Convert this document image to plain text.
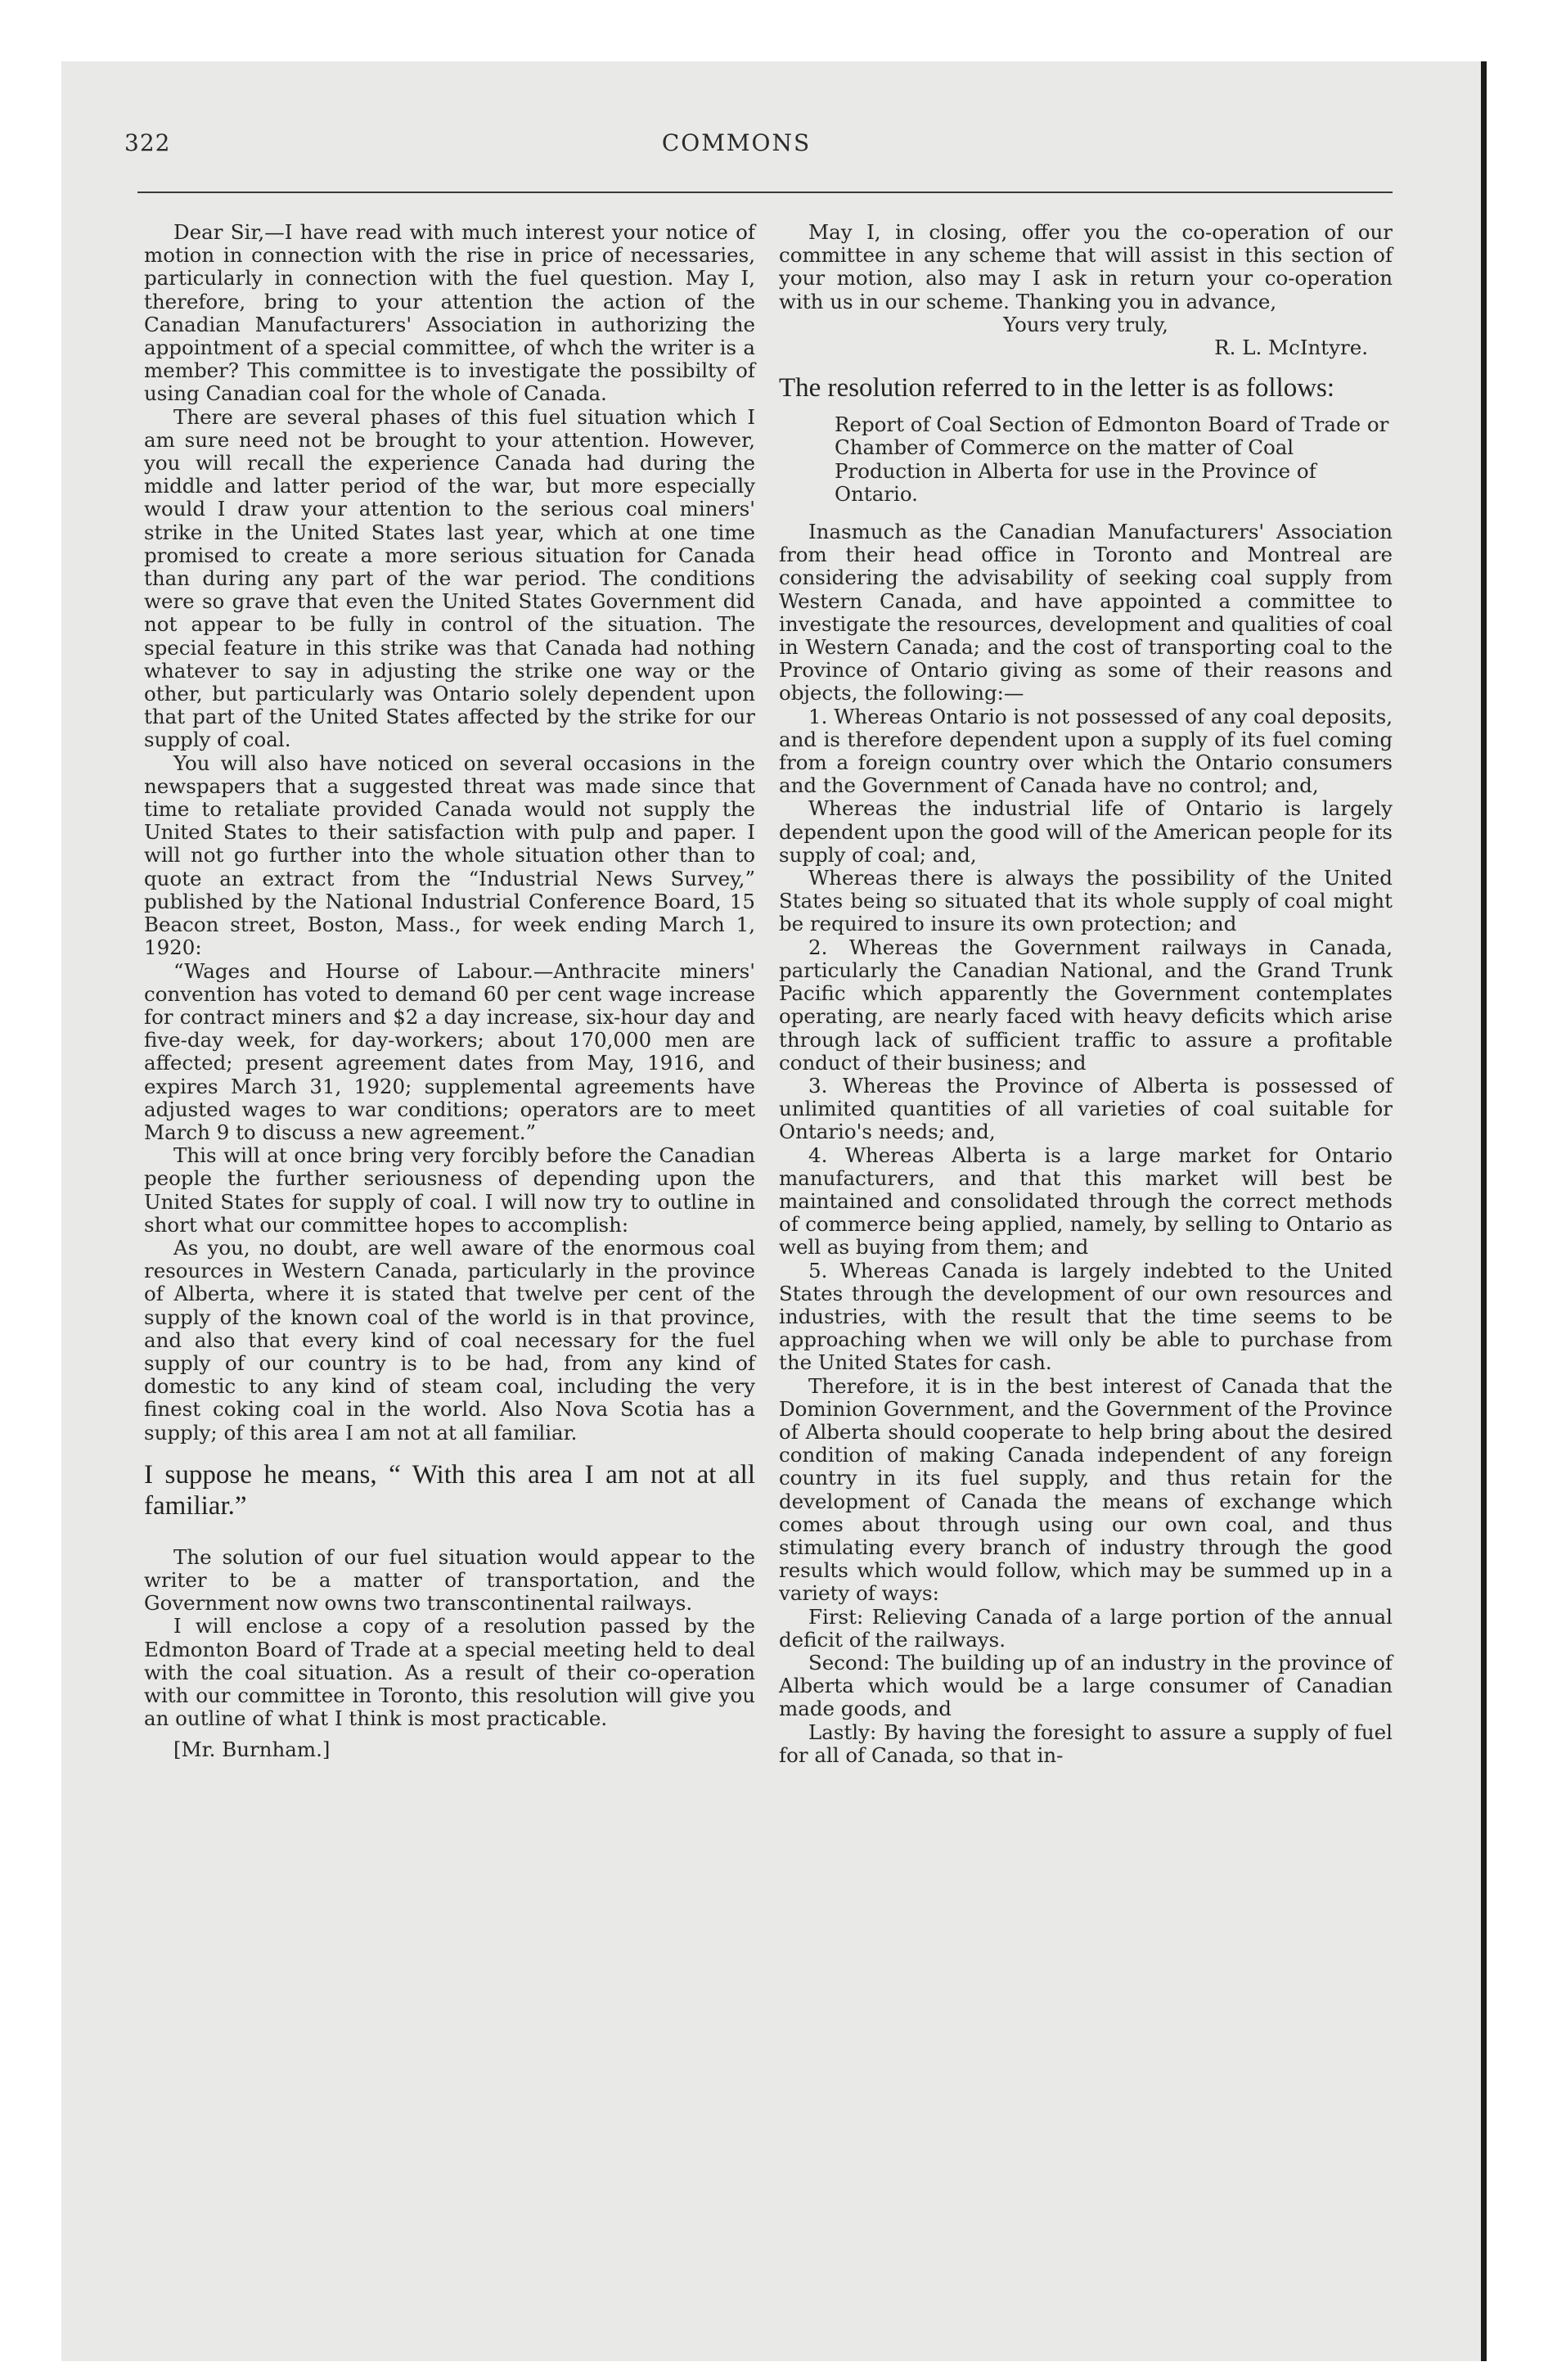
322	COMMONS

Dear Sir,—I have read with much interest your notice of motion in connection with the rise in price of necessaries, particularly in connection with the fuel question. May I, therefore, bring to your attention the action of the Canadian Manufacturers' Association in authorizing the appointment of a special committee, of whch the writer is a member? This committee is to investigate the possibilty of using Canadian coal for the whole of Canada.

There are several phases of this fuel situation which I am sure need not be brought to your attention. However, you will recall the experience Canada had during the middle and latter period of the war, but more especially would I draw your attention to the serious coal miners' strike in the United States last year, which at one time promised to create a more serious situation for Canada than during any part of the war period. The conditions were so grave that even the United States Government did not appear to be fully in control of the situation. The special feature in this strike was that Canada had nothing whatever to say in adjusting the strike one way or the other, but particularly was Ontario solely dependent upon that part of the United States affected by the strike for our supply of coal.

You will also have noticed on several occasions in the newspapers that a suggested threat was made since that time to retaliate provided Canada would not supply the United States to their satisfaction with pulp and paper. I will not go further into the whole situation other than to quote an extract from the “Industrial News Survey,” published by the National Industrial Conference Board, 15 Beacon street, Boston, Mass., for week ending March 1, 1920:

“Wages and Hourse of Labour.—Anthracite miners' convention has voted to demand 60 per cent wage increase for contract miners and $2 a day increase, six-hour day and five-day week, for day-workers; about 170,000 men are affected; present agreement dates from May, 1916, and expires March 31, 1920; supplemental agreements have adjusted wages to war conditions; operators are to meet March 9 to discuss a new agreement.”

This will at once bring very forcibly before the Canadian people the further seriousness of depending upon the United States for supply of coal. I will now try to outline in short what our committee hopes to accomplish:

As you, no doubt, are well aware of the enormous coal resources in Western Canada, particularly in the province of Alberta, where it is stated that twelve per cent of the supply of the known coal of the world is in that province, and also that every kind of coal necessary for the fuel supply of our country is to be had, from any kind of domestic to any kind of steam coal, including the very finest coking coal in the world. Also Nova Scotia has a supply; of this area I am not at all familiar.

I suppose he means, “ With this area I am not at all familiar.”

The solution of our fuel situation would appear to the writer to be a matter of transportation, and the Government now owns two transcontinental railways.

I will enclose a copy of a resolution passed by the Edmonton Board of Trade at a special meeting held to deal with the coal situation. As a result of their co-operation with our committee in Toronto, this resolution will give you an outline of what I think is most practicable.

[Mr. Burnham.]

May I, in closing, offer you the co-operation of our committee in any scheme that will assist in this section of your motion, also may I ask in return your co-operation with us in our scheme. Thanking you in advance,

Yours very truly,

R. L. McIntyre.

The resolution referred to in the letter is as follows:

Report of Coal Section of Edmonton Board of Trade or Chamber of Commerce on the matter of Coal Production in Alberta for use in the Province of Ontario.

Inasmuch as the Canadian Manufacturers' Association from their head office in Toronto and Montreal are considering the advisability of seeking coal supply from Western Canada, and have appointed a committee to investigate the resources, development and qualities of coal in Western Canada; and the cost of transporting coal to the Province of Ontario giving as some of their reasons and objects, the following:—

1. Whereas Ontario is not possessed of any coal deposits, and is therefore dependent upon a supply of its fuel coming from a foreign country over which the Ontario consumers and the Government of Canada have no control; and,

Whereas the industrial life of Ontario is largely dependent upon the good will of the American people for its supply of coal; and,

Whereas there is always the possibility of the United States being so situated that its whole supply of coal might be required to insure its own protection; and

2. Whereas the Government railways in Canada, particularly the Canadian National, and the Grand Trunk Pacific which apparently the Government contemplates operating, are nearly faced with heavy deficits which arise through lack of sufficient traffic to assure a profitable conduct of their business; and

3. Whereas the Province of Alberta is possessed of unlimited quantities of all varieties of coal suitable for Ontario's needs; and,

4. Whereas Alberta is a large market for Ontario manufacturers, and that this market will best be maintained and consolidated through the correct methods of commerce being applied, namely, by selling to Ontario as well as buying from them; and

5. Whereas Canada is largely indebted to the United States through the development of our own resources and industries, with the result that the time seems to be approaching when we will only be able to purchase from the United States for cash.

Therefore, it is in the best interest of Canada that the Dominion Government, and the Government of the Province of Alberta should cooperate to help bring about the desired condition of making Canada independent of any foreign country in its fuel supply, and thus retain for the development of Canada the means of exchange which comes about through using our own coal, and thus stimulating every branch of industry through the good results which would follow, which may be summed up in a variety of ways:

First: Relieving Canada of a large portion of the annual deficit of the railways.

Second: The building up of an industry in the province of Alberta which would be a large consumer of Canadian made goods, and

Lastly: By having the foresight to assure a supply of fuel for all of Canada, so that in-
